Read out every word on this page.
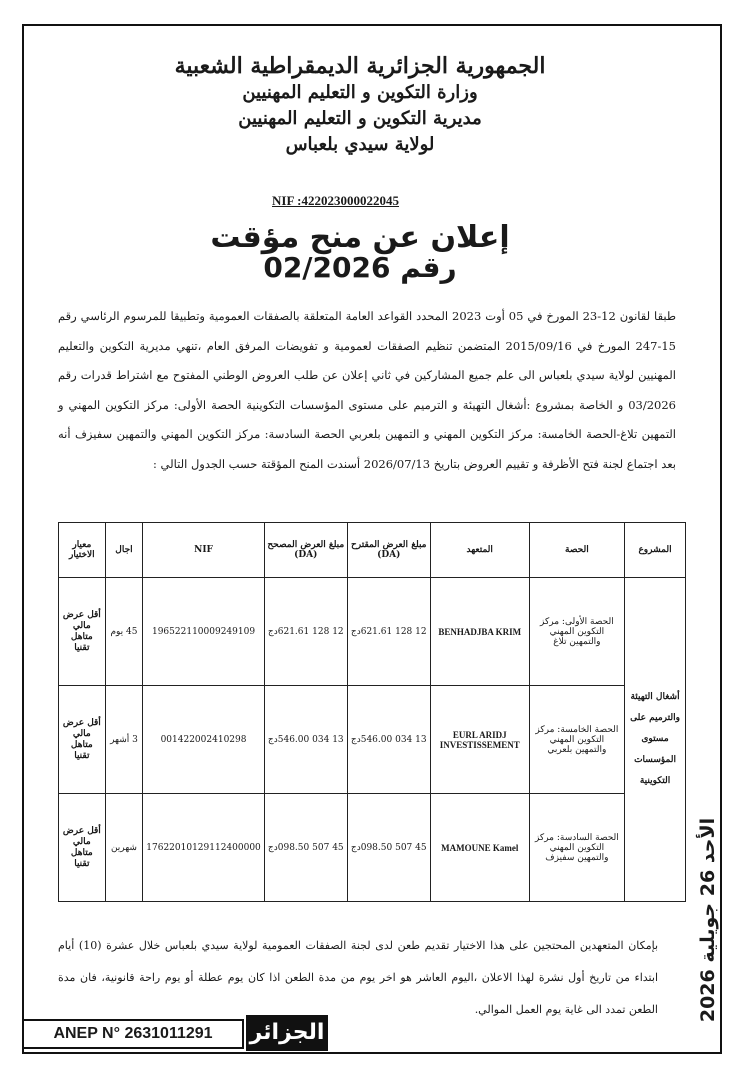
الجمهورية الجزائرية الديمقراطية الشعبية
وزارة التكوين و التعليم المهنيين
مديرية التكوين و التعليم المهنيين
لولاية سيدي بلعباس
NIF :422023000022045
إعلان عن منح مؤقت
رقم 02/2026
طبقا لقانون 12-23 المورخ في 05 أوت 2023 المحدد القواعد العامة المتعلقة بالصفقات العمومية وتطبيقا للمرسوم الرئاسي رقم 15-247 المورخ في 2015/09/16 المتضمن تنظيم الصفقات لعمومية و تفويضات المرفق العام ،تنهي مديرية التكوين والتعليم المهنيين لولاية سيدي بلعباس الى علم جميع المشاركين في ثاني إعلان عن طلب العروض الوطني المفتوح مع اشتراط قدرات رقم 03/2026 و الخاصة بمشروع :أشغال التهيئة و الترميم على مستوى المؤسسات التكوينية الحصة الأولى: مركز التكوين المهني و التمهين تلاغ-الحصة الخامسة: مركز التكوين المهني و التمهين بلعربي الحصة السادسة: مركز التكوين المهني والتمهين سفيزف أنه بعد اجتماع لجنة فتح الأظرفة و تقييم العروض بتاريخ 2026/07/13 أسندت المنح المؤقتة حسب الجدول التالي :
المشروع	الحصة	المتعهد	مبلغ العرض المقترح (DA)	مبلغ العرض المصحح (DA)	NIF	اجال	معيار الاختيار
أشغال التهيئة والترميم على مستوى المؤسسات التكوينية	الحصة الأولى: مركز التكوين المهني والتمهين تلاغ	BENHADJBA KRIM	12 128 621.61دج	12 128 621.61دج	196522110009249109	45 يوم	أقل عرض مالي متاهل تقنيا
	الحصة الخامسة: مركز التكوين المهني والتمهين بلعربي	EURL ARIDJ INVESTISSEMENT	13 034 546.00دج	13 034 546.00دج	001422002410298	3 أشهر	أقل عرض مالي متاهل تقنيا
	الحصة السادسة: مركز التكوين المهني والتمهين سفيزف	MAMOUNE Kamel	45 507 098.50دج	45 507 098.50دج	17622010129112400000	شهرين	أقل عرض مالي متاهل تقنيا
بإمكان المتعهدين المحتجين على هذا الاختيار تقديم طعن لدى لجنة الصفقات العمومية لولاية سيدي بلعباس خلال عشرة (10) أيام ابتداء من تاريخ أول نشرة لهذا الاعلان ،اليوم العاشر هو اخر يوم من مدة الطعن اذا كان يوم عطلة أو يوم راحة قانونية، فان مدة الطعن تمدد الى غاية يوم العمل الموالي. الأحد 26 جويلية 2026
ANEP N° 2631011291	الجزائر
